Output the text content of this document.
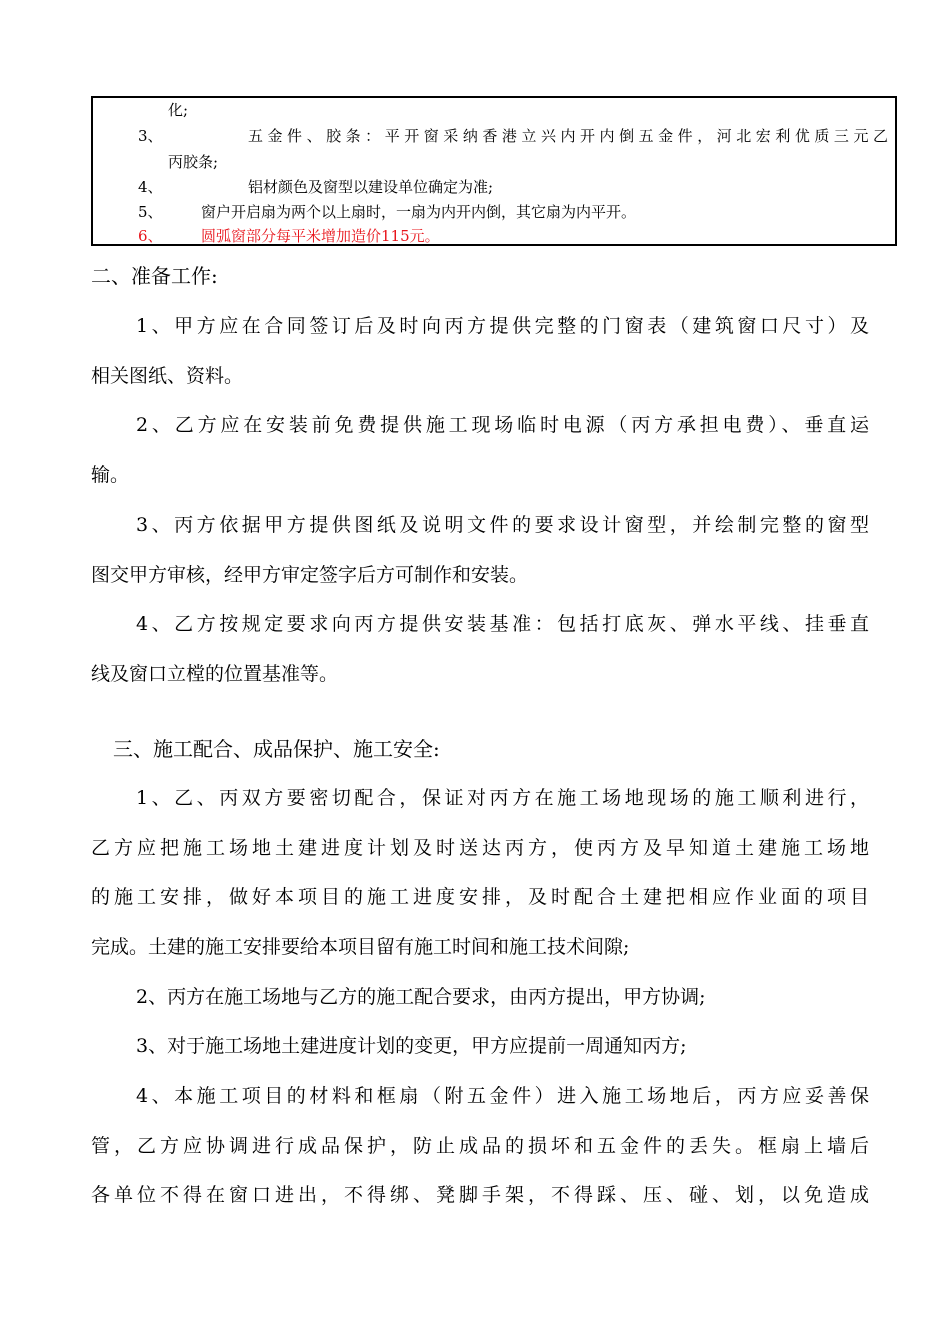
化;
3、	五金件、胶条：平开窗采纳香港立兴内开内倒五金件，河北宏利优质三元乙
丙胶条;
4、	铝材颜色及窗型以建设单位确定为准;
5、	窗户开启扇为两个以上扇时，一扇为内开内倒，其它扇为内平开。
6、	圆弧窗部分每平米增加造价115元。
二、准备工作:
1、甲方应在合同签订后及时向丙方提供完整的门窗表（建筑窗口尺寸）及
相关图纸、资料。
2、乙方应在安装前免费提供施工现场临时电源（丙方承担电费）、垂直运
输。
3、丙方依据甲方提供图纸及说明文件的要求设计窗型，并绘制完整的窗型
图交甲方审核，经甲方审定签字后方可制作和安装。
4、乙方按规定要求向丙方提供安装基准：包括打底灰、弹水平线、挂垂直
线及窗口立樘的位置基准等。
三、施工配合、成品保护、施工安全:
1、乙、丙双方要密切配合，保证对丙方在施工场地现场的施工顺利进行，
乙方应把施工场地土建进度计划及时送达丙方，使丙方及早知道土建施工场地
的施工安排，做好本项目的施工进度安排，及时配合土建把相应作业面的项目
完成。土建的施工安排要给本项目留有施工时间和施工技术间隙;
2、丙方在施工场地与乙方的施工配合要求，由丙方提出，甲方协调;
3、对于施工场地土建进度计划的变更，甲方应提前一周通知丙方;
4、本施工项目的材料和框扇（附五金件）进入施工场地后，丙方应妥善保
管，乙方应协调进行成品保护，防止成品的损坏和五金件的丢失。框扇上墙后
各单位不得在窗口进出，不得绑、凳脚手架，不得踩、压、碰、划，以免造成
